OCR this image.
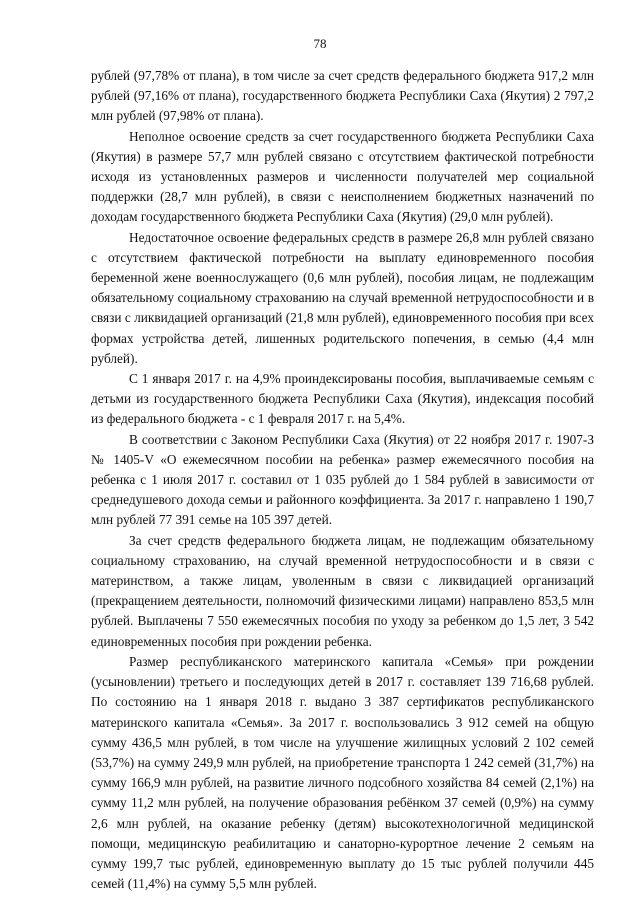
78

рублей (97,78% от плана), в том числе за счет средств федерального бюджета 917,2 млн рублей (97,16% от плана), государственного бюджета Республики Саха (Якутия) 2 797,2 млн рублей (97,98% от плана).

Неполное освоение средств за счет государственного бюджета Республики Саха (Якутия) в размере 57,7 млн рублей связано с отсутствием фактической потребности исходя из установленных размеров и численности получателей мер социальной поддержки (28,7 млн рублей), в связи с неисполнением бюджетных назначений по доходам государственного бюджета Республики Саха (Якутия) (29,0 млн рублей).

Недостаточное освоение федеральных средств в размере 26,8 млн рублей связано с отсутствием фактической потребности на выплату единовременного пособия беременной жене военнослужащего (0,6 млн рублей), пособия лицам, не подлежащим обязательному социальному страхованию на случай временной нетрудоспособности и в связи с ликвидацией организаций (21,8 млн рублей), единовременного пособия при всех формах устройства детей, лишенных родительского попечения, в семью (4,4 млн рублей).

С 1 января 2017 г. на 4,9% проиндексированы пособия, выплачиваемые семьям с детьми из государственного бюджета Республики Саха (Якутия), индексация пособий из федерального бюджета - с 1 февраля 2017 г. на 5,4%.

В соответствии с Законом Республики Саха (Якутия) от 22 ноября 2017 г. 1907-З № 1405-V «О ежемесячном пособии на ребенка» размер ежемесячного пособия на ребенка с 1 июля 2017 г. составил от 1 035 рублей до 1 584 рублей в зависимости от среднедушевого дохода семьи и районного коэффициента. За 2017 г. направлено 1 190,7 млн рублей 77 391 семье на 105 397 детей.

За счет средств федерального бюджета лицам, не подлежащим обязательному социальному страхованию, на случай временной нетрудоспособности и в связи с материнством, а также лицам, уволенным в связи с ликвидацией организаций (прекращением деятельности, полномочий физическими лицами) направлено 853,5 млн рублей. Выплачены 7 550 ежемесячных пособия по уходу за ребенком до 1,5 лет, 3 542 единовременных пособия при рождении ребенка.

Размер республиканского материнского капитала «Семья» при рождении (усыновлении) третьего и последующих детей в 2017 г. составляет 139 716,68 рублей. По состоянию на 1 января 2018 г. выдано 3 387 сертификатов республиканского материнского капитала «Семья». За 2017 г. воспользовались 3 912 семей на общую сумму 436,5 млн рублей, в том числе на улучшение жилищных условий 2 102 семей (53,7%) на сумму 249,9 млн рублей, на приобретение транспорта 1 242 семей (31,7%) на сумму 166,9 млн рублей, на развитие личного подсобного хозяйства 84 семей (2,1%) на сумму 11,2 млн рублей, на получение образования ребёнком 37 семей (0,9%) на сумму 2,6 млн рублей, на оказание ребенку (детям) высокотехнологичной медицинской помощи, медицинскую реабилитацию и санаторно-курортное лечение 2 семьям на сумму 199,7 тыс рублей, единовременную выплату до 15 тыс рублей получили 445 семей (11,4%) на сумму 5,5 млн рублей.
